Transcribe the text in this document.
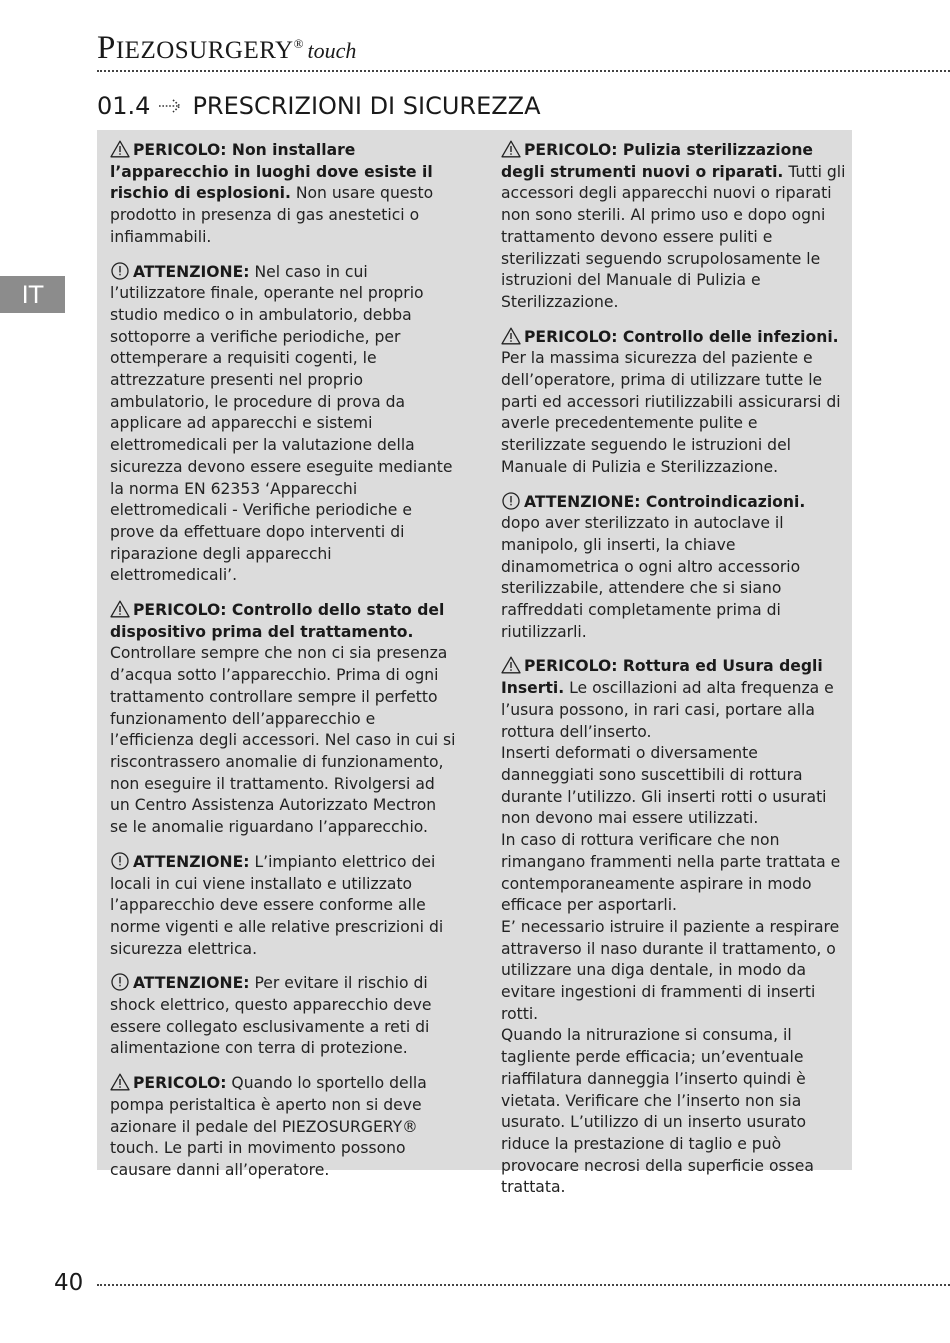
PIEZOSURGERY® touch
01.4 PRESCRIZIONI DI SICUREZZA
IT

PERICOLO: Non installare l’apparecchio in luoghi dove esiste il rischio di esplosioni. Non usare questo prodotto in presenza di gas anestetici o infiammabili.

ATTENZIONE: Nel caso in cui l’utilizzatore finale, operante nel proprio studio medico o in ambulatorio, debba sottoporre a verifiche periodiche, per ottemperare a requisiti cogenti, le attrezzature presenti nel proprio ambulatorio, le procedure di prova da applicare ad apparecchi e sistemi elettromedicali per la valutazione della sicurezza devono essere eseguite mediante la norma EN 62353 ‘Apparecchi elettromedicali - Verifiche periodiche e prove da effettuare dopo interventi di riparazione degli apparecchi elettromedicali’.

PERICOLO: Controllo dello stato del dispositivo prima del trattamento. Controllare sempre che non ci sia presenza d’acqua sotto l’apparecchio. Prima di ogni trattamento controllare sempre il perfetto funzionamento dell’apparecchio e l’efficienza degli accessori. Nel caso in cui si riscontrassero anomalie di funzionamento, non eseguire il trattamento. Rivolgersi ad un Centro Assistenza Autorizzato Mectron se le anomalie riguardano l’apparecchio.

ATTENZIONE: L’impianto elettrico dei locali in cui viene installato e utilizzato l’apparecchio deve essere conforme alle norme vigenti e alle relative prescrizioni di sicurezza elettrica.

ATTENZIONE: Per evitare il rischio di shock elettrico, questo apparecchio deve essere collegato esclusivamente a reti di alimentazione con terra di protezione.

PERICOLO: Quando lo sportello della pompa peristaltica è aperto non si deve azionare il pedale del PIEZOSURGERY® touch. Le parti in movimento possono causare danni all’operatore.

PERICOLO: Pulizia sterilizzazione degli strumenti nuovi o riparati. Tutti gli accessori degli apparecchi nuovi o riparati non sono sterili. Al primo uso e dopo ogni trattamento devono essere puliti e sterilizzati seguendo scrupolosamente le istruzioni del Manuale di Pulizia e Sterilizzazione.

PERICOLO: Controllo delle infezioni. Per la massima sicurezza del paziente e dell’operatore, prima di utilizzare tutte le parti ed accessori riutilizzabili assicurarsi di averle precedentemente pulite e sterilizzate seguendo le istruzioni del Manuale di Pulizia e Sterilizzazione.

ATTENZIONE: Controindicazioni. dopo aver sterilizzato in autoclave il manipolo, gli inserti, la chiave dinamometrica o ogni altro accessorio sterilizzabile, attendere che si siano raffreddati completamente prima di riutilizzarli.

PERICOLO: Rottura ed Usura degli Inserti. Le oscillazioni ad alta frequenza e l’usura possono, in rari casi, portare alla rottura dell’inserto.

Inserti deformati o diversamente danneggiati sono suscettibili di rottura durante l’utilizzo. Gli inserti rotti o usurati non devono mai essere utilizzati.

In caso di rottura verificare che non rimangano frammenti nella parte trattata e contemporaneamente aspirare in modo efficace per asportarli.

E’ necessario istruire il paziente a respirare attraverso il naso durante il trattamento, o utilizzare una diga dentale, in modo da evitare ingestioni di frammenti di inserti rotti.

Quando la nitrurazione si consuma, il tagliente perde efficacia; un’eventuale riaffilatura danneggia l’inserto quindi è vietata. Verificare che l’inserto non sia usurato. L’utilizzo di un inserto usurato riduce la prestazione di taglio e può provocare necrosi della superficie ossea trattata.

40
